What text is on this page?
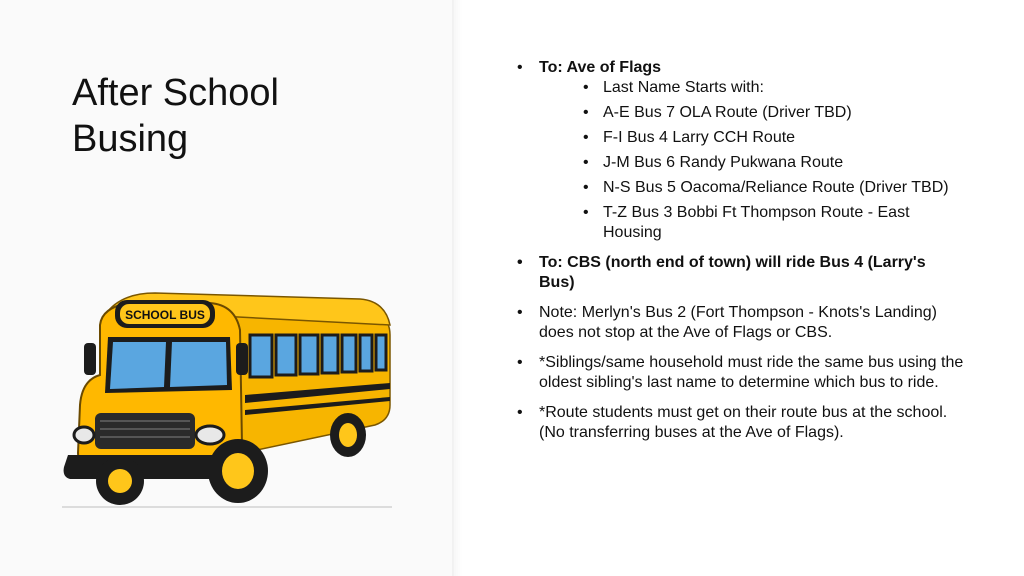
After School
Busing
SCHOOL BUS
• To: Ave of Flags
• Last Name Starts with:
• A-E Bus 7 OLA Route (Driver TBD)
• F-I Bus 4 Larry CCH Route
• J-M Bus 6 Randy Pukwana Route
• N-S Bus 5 Oacoma/Reliance Route (Driver TBD)
• T-Z Bus 3 Bobbi Ft Thompson Route - East Housing
• To: CBS (north end of town) will ride Bus 4 (Larry's Bus)
• Note: Merlyn's Bus 2 (Fort Thompson - Knots's Landing) does not stop at the Ave of Flags or CBS.
• *Siblings/same household must ride the same bus using the oldest sibling's last name to determine which bus to ride.
• *Route students must get on their route bus at the school. (No transferring buses at the Ave of Flags).
